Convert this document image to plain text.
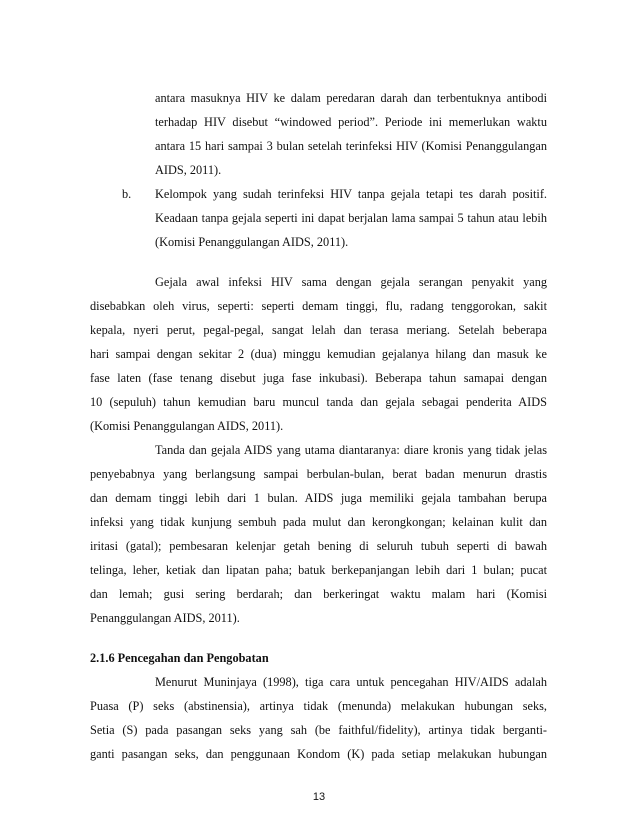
antara masuknya HIV ke dalam peredaran darah dan terbentuknya antibodi
terhadap HIV disebut “windowed period”. Periode ini memerlukan waktu
antara 15 hari sampai 3 bulan setelah terinfeksi HIV (Komisi Penanggulangan
AIDS, 2011).
b. Kelompok yang sudah terinfeksi HIV tanpa gejala tetapi tes darah positif.
Keadaan tanpa gejala seperti ini dapat berjalan lama sampai 5 tahun atau lebih
(Komisi Penanggulangan AIDS, 2011).
Gejala awal infeksi HIV sama dengan gejala serangan penyakit yang
disebabkan oleh virus, seperti: seperti demam tinggi, flu, radang tenggorokan, sakit
kepala, nyeri perut, pegal-pegal, sangat lelah dan terasa meriang. Setelah beberapa
hari sampai dengan sekitar 2 (dua) minggu kemudian gejalanya hilang dan masuk ke
fase laten (fase tenang disebut juga fase inkubasi). Beberapa tahun samapai dengan
10 (sepuluh) tahun kemudian baru muncul tanda dan gejala sebagai penderita AIDS
(Komisi Penanggulangan AIDS, 2011).
Tanda dan gejala AIDS yang utama diantaranya: diare kronis yang tidak jelas
penyebabnya yang berlangsung sampai berbulan-bulan, berat badan menurun drastis
dan demam tinggi lebih dari 1 bulan. AIDS juga memiliki gejala tambahan berupa
infeksi yang tidak kunjung sembuh pada mulut dan kerongkongan; kelainan kulit dan
iritasi (gatal); pembesaran kelenjar getah bening di seluruh tubuh seperti di bawah
telinga, leher, ketiak dan lipatan paha; batuk berkepanjangan lebih dari 1 bulan; pucat
dan lemah; gusi sering berdarah; dan berkeringat waktu malam hari (Komisi
Penanggulangan AIDS, 2011).
2.1.6 Pencegahan dan Pengobatan
Menurut Muninjaya (1998), tiga cara untuk pencegahan HIV/AIDS adalah
Puasa (P) seks (abstinensia), artinya tidak (menunda) melakukan hubungan seks,
Setia (S) pada pasangan seks yang sah (be faithful/fidelity), artinya tidak berganti-
ganti pasangan seks, dan penggunaan Kondom (K) pada setiap melakukan hubungan
13
